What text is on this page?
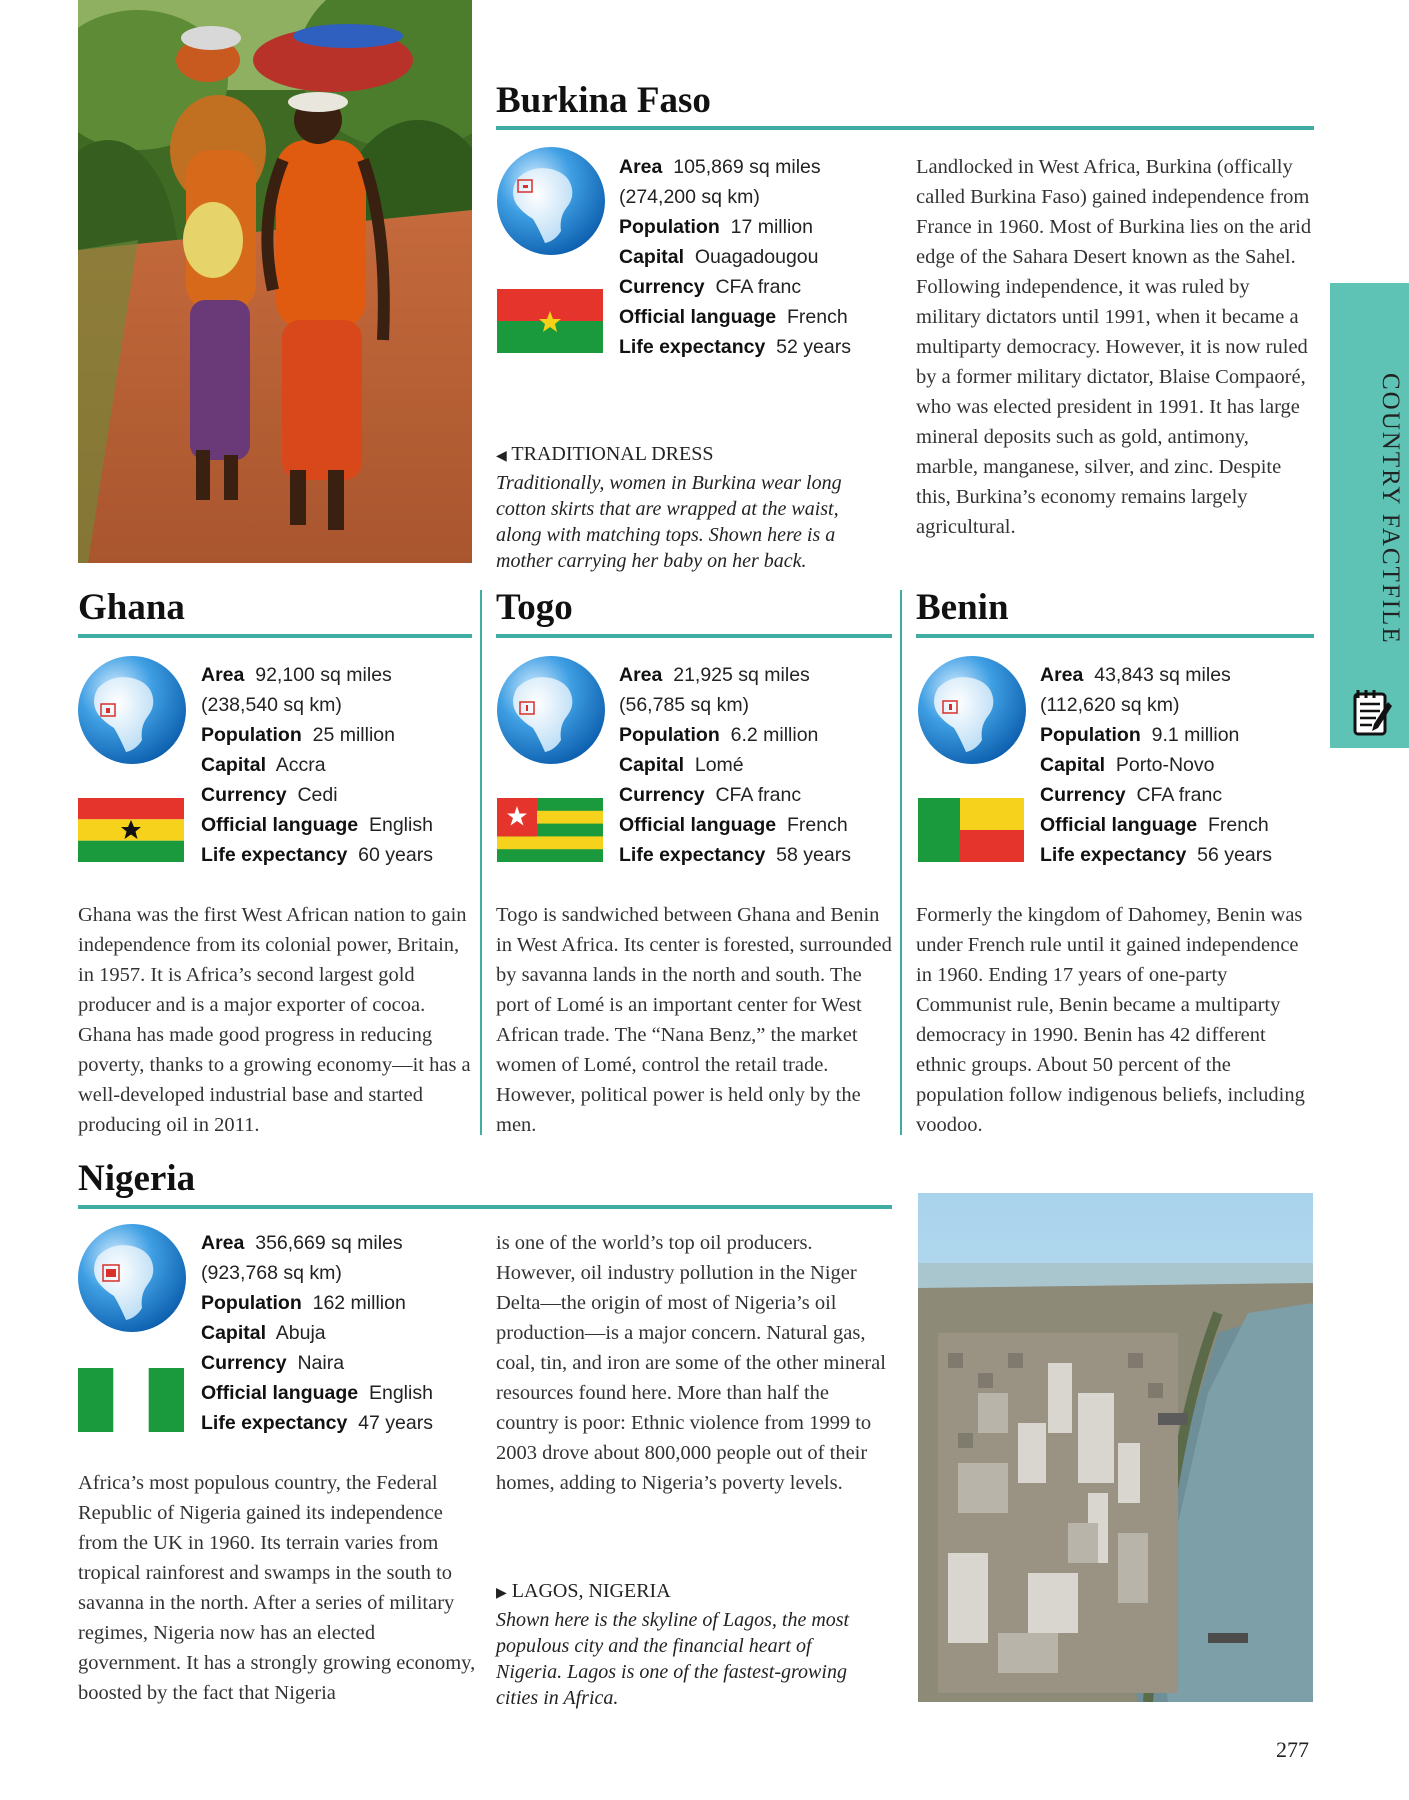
Burkina Faso
Area 105,869 sq miles
(274,200 sq km)
Population 17 million
Capital Ouagadougou
Currency CFA franc
Official language French
Life expectancy 52 years
◀ TRADITIONAL DRESS
Traditionally, women in Burkina wear long cotton skirts that are wrapped at the waist, along with matching tops. Shown here is a mother carrying her baby on her back.

Landlocked in West Africa, Burkina (offically called Burkina Faso) gained independence from France in 1960. Most of Burkina lies on the arid edge of the Sahara Desert known as the Sahel. Following independence, it was ruled by military dictators until 1991, when it became a multiparty democracy. However, it is now ruled by a former military dictator, Blaise Compaoré, who was elected president in 1991. It has large mineral deposits such as gold, antimony, marble, manganese, silver, and zinc. Despite this, Burkina’s economy remains largely agricultural.	COUNTRY FACTFILE
Ghana
Area 92,100 sq miles
(238,540 sq km)
Population 25 million
Capital Accra
Currency Cedi
Official language English
Life expectancy 60 years

Ghana was the first West African nation to gain independence from its colonial power, Britain, in 1957. It is Africa’s second largest gold producer and is a major exporter of cocoa. Ghana has made good progress in reducing poverty, thanks to a growing economy—it has a well-developed industrial base and started producing oil in 2011.

Togo
Area 21,925 sq miles
(56,785 sq km)
Population 6.2 million
Capital Lomé
Currency CFA franc
Official language French
Life expectancy 58 years

Togo is sandwiched between Ghana and Benin in West Africa. Its center is forested, surrounded by savanna lands in the north and south. The port of Lomé is an important center for West African trade. The “Nana Benz,” the market women of Lomé, control the retail trade. However, political power is held only by the men.

Benin
Area 43,843 sq miles
(112,620 sq km)
Population 9.1 million
Capital Porto-Novo
Currency CFA franc
Official language French
Life expectancy 56 years

Formerly the kingdom of Dahomey, Benin was under French rule until it gained independence in 1960. Ending 17 years of one-party Communist rule, Benin became a multiparty democracy in 1990. Benin has 42 different ethnic groups. About 50 percent of the population follow indigenous beliefs, including voodoo.

Nigeria
Area 356,669 sq miles
(923,768 sq km)
Population 162 million
Capital Abuja
Currency Naira
Official language English
Life expectancy 47 years

Africa’s most populous country, the Federal Republic of Nigeria gained its independence from the UK in 1960. Its terrain varies from tropical rainforest and swamps in the south to savanna in the north. After a series of military regimes, Nigeria now has an elected government. It has a strongly growing economy, boosted by the fact that Nigeria

is one of the world’s top oil producers. However, oil industry pollution in the Niger Delta—the origin of most of Nigeria’s oil production—is a major concern. Natural gas, coal, tin, and iron are some of the other mineral resources found here. More than half the country is poor: Ethnic violence from 1999 to 2003 drove about 800,000 people out of their homes, adding to Nigeria’s poverty levels.

▶ LAGOS, NIGERIA
Shown here is the skyline of Lagos, the most populous city and the financial heart of Nigeria. Lagos is one of the fastest-growing cities in Africa.
277
